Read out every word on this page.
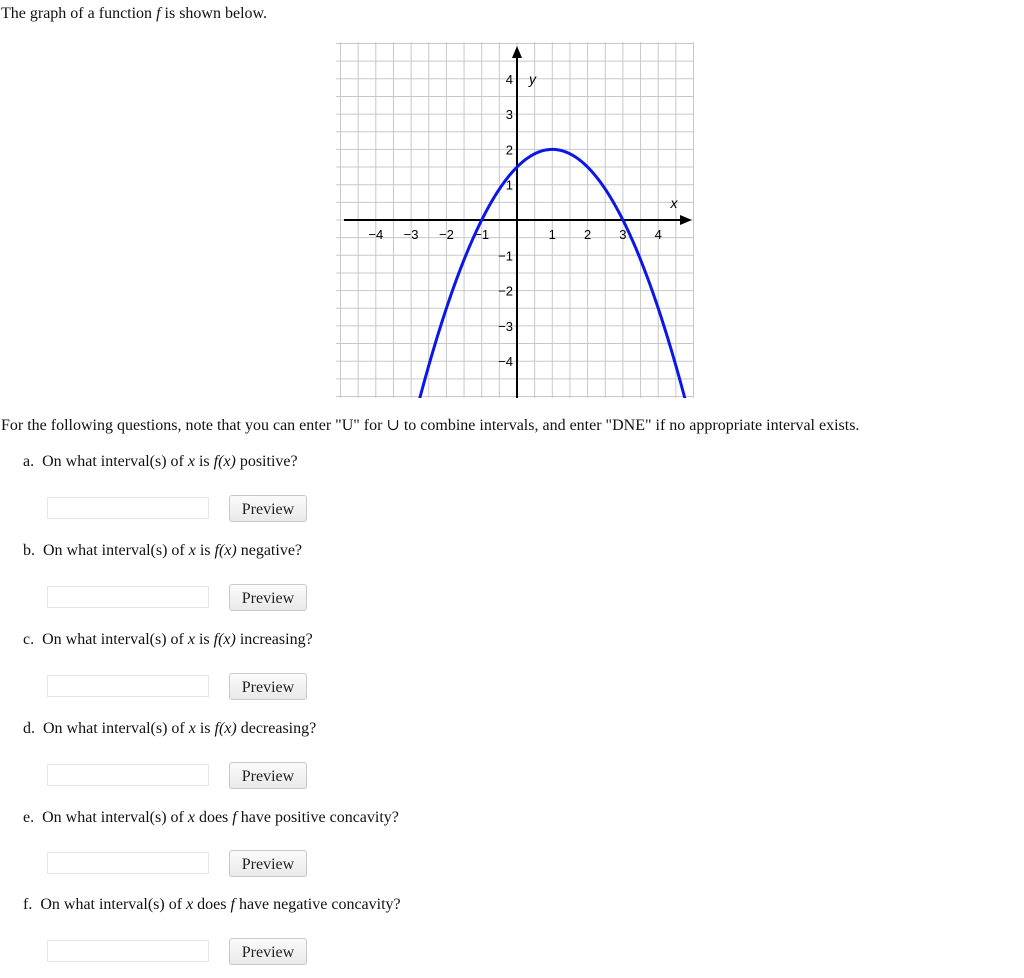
The graph of a function f is shown below.
−4 −3 −2 −1	1 2 3 4
4
3
2
1
−1
−2
−3
−4
x
y
For the following questions, note that you can enter "U" for ∪ to combine intervals, and enter "DNE" if no appropriate interval exists.
a. On what interval(s) of x is f(x) positive?
Preview
b. On what interval(s) of x is f(x) negative?
Preview
c. On what interval(s) of x is f(x) increasing?
Preview
d. On what interval(s) of x is f(x) decreasing?
Preview
e. On what interval(s) of x does f have positive concavity?
Preview
f. On what interval(s) of x does f have negative concavity?
Preview
